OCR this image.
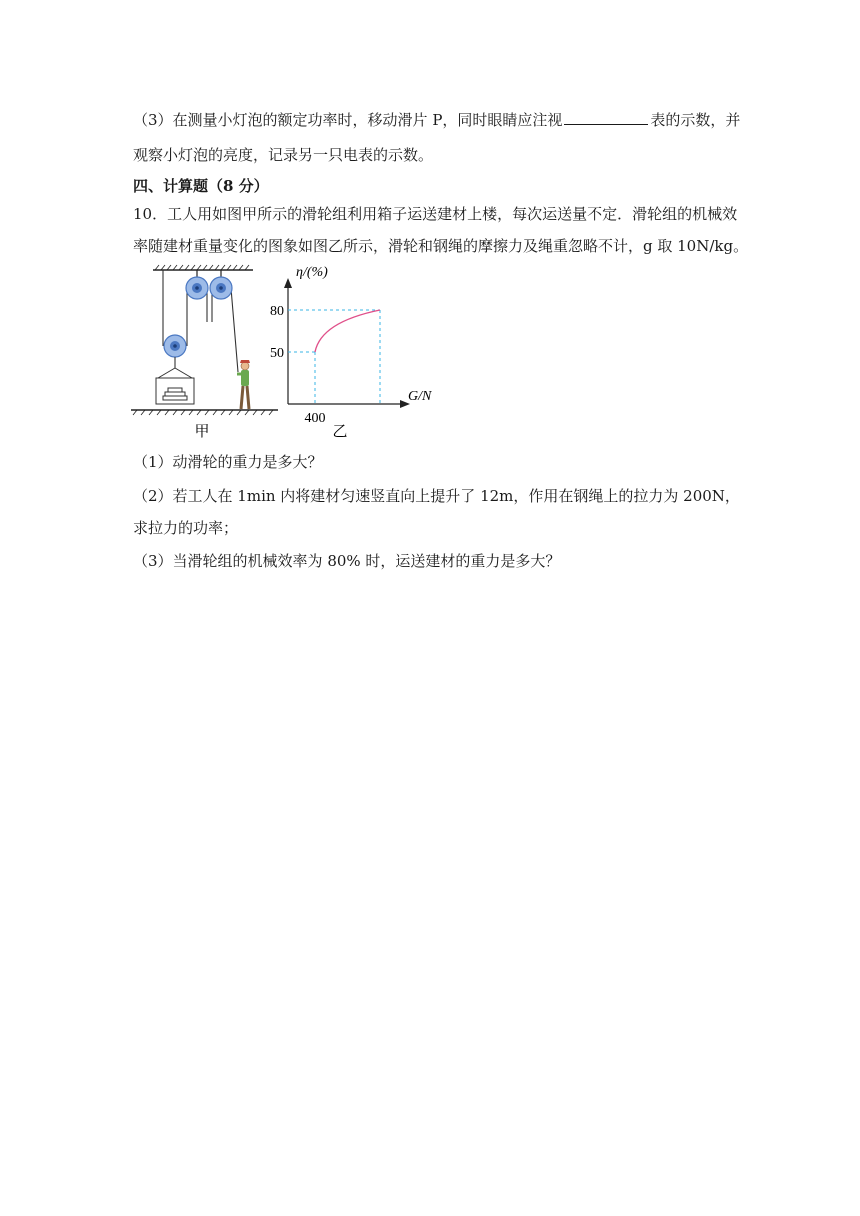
（3）在测量小灯泡的额定功率时，移动滑片 P，同时眼睛应注视	表的示数，并
观察小灯泡的亮度，记录另一只电表的示数。
四、计算题（8 分）
10．工人用如图甲所示的滑轮组利用箱子运送建材上楼，每次运送量不定．滑轮组的机械效
率随建材重量变化的图象如图乙所示，滑轮和钢绳的摩擦力及绳重忽略不计，g 取 10N/kg。
甲
η/(%)
80
50
400
G/N
乙
（1）动滑轮的重力是多大？
（2）若工人在 1min 内将建材匀速竖直向上提升了 12m，作用在钢绳上的拉力为 200N，
求拉力的功率；
（3）当滑轮组的机械效率为 80% 时，运送建材的重力是多大？
